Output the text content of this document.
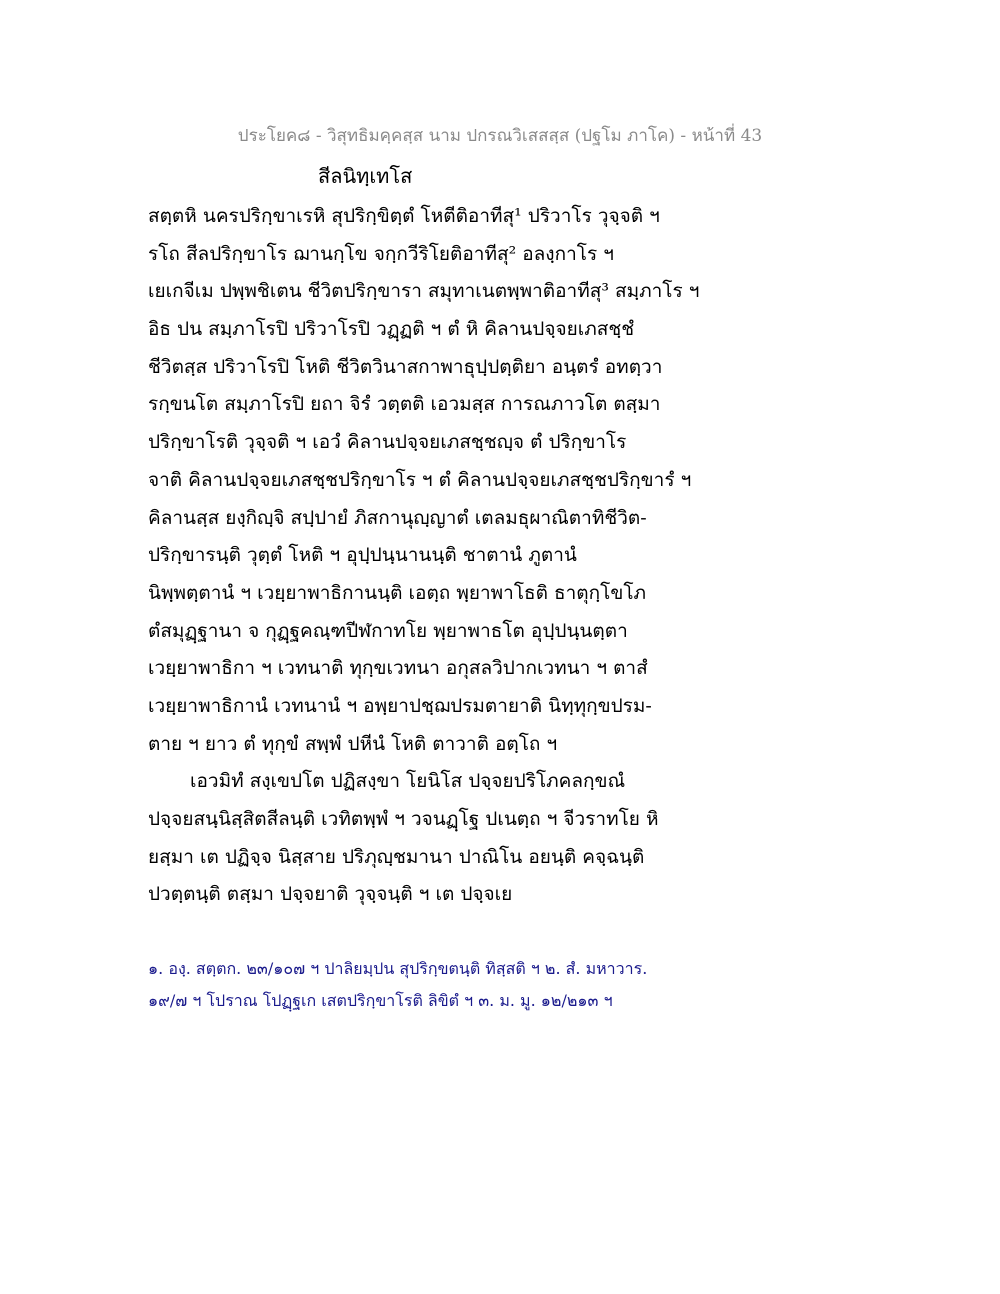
ประโยค๘ - วิสุทธิมคฺคสฺส นาม ปกรณวิเสสสฺส (ปฐโม ภาโค) - หน้าที่ 43
สีลนิทฺเทโส
สตฺตหิ นครปริกฺขาเรหิ สุปริกฺขิตฺตํ โหตีติอาทีสุ¹ ปริวาโร วุจฺจติ ฯ
รโถ สีลปริกฺขาโร ฌานกฺโข จกฺกวีริโยติอาทีสุ² อลงฺกาโร ฯ
เยเกจีเม ปพฺพชิเตน ชีวิตปริกฺขารา สมุทาเนตพฺพาติอาทีสุ³ สมฺภาโร ฯ
อิธ ปน สมฺภาโรปิ ปริวาโรปิ วฏฺฏติ ฯ ตํ หิ คิลานปจฺจยเภสชฺชํ
ชีวิตสฺส ปริวาโรปิ โหติ ชีวิตวินาสกาพาธุปฺปตฺติยา อนฺตรํ อทตฺวา
รกฺขนโต สมฺภาโรปิ ยถา จิรํ วตฺตติ เอวมสฺส การณภาวโต ตสฺมา
ปริกฺขาโรติ วุจฺจติ ฯ เอวํ คิลานปจฺจยเภสชฺชญฺจ ตํ ปริกฺขาโร
จาติ คิลานปจฺจยเภสชฺชปริกฺขาโร ฯ ตํ คิลานปจฺจยเภสชฺชปริกฺขารํ ฯ
คิลานสฺส ยงฺกิญฺจิ สปฺปายํ ภิสกานุญฺญาตํ เตลมธุผาณิตาทิชีวิต-
ปริกฺขารนฺติ วุตฺตํ โหติ ฯ อุปฺปนฺนานนฺติ ชาตานํ ภูตานํ
นิพฺพตฺตานํ ฯ เวยฺยาพาธิกานนฺติ เอตฺถ พฺยาพาโธติ ธาตุกฺโขโภ
ตํสมุฏฺฐานา จ กุฏฺฐคณฺฑปีฬกาทโย พฺยาพาธโต อุปฺปนฺนตฺตา
เวยฺยาพาธิกา ฯ เวทนาติ ทุกฺขเวทนา อกุสลวิปากเวทนา ฯ ตาสํ
เวยฺยาพาธิกานํ เวทนานํ ฯ อพฺยาปชฺฌปรมตายาติ นิทฺทุกฺขปรม-
ตาย ฯ ยาว ตํ ทุกฺขํ สพฺพํ ปหีนํ โหติ ตาวาติ อตฺโถ ฯ
เอวมิทํ สงฺเขปโต ปฏิสงฺขา โยนิโส ปจฺจยปริโภคลกฺขณํ
ปจฺจยสนฺนิสฺสิตสีลนฺติ เวทิตพฺพํ ฯ วจนฏฺโฐ ปเนตฺถ ฯ จีวราทโย หิ
ยสฺมา เต ปฏิจฺจ นิสฺสาย ปริภุญฺชมานา ปาณิโน อยนฺติ คจฺฉนฺติ
ปวตฺตนฺติ ตสฺมา ปจฺจยาติ วุจฺจนฺติ ฯ เต ปจฺจเย
๑. องฺ. สตฺตก. ๒๓/๑๐๗ ฯ ปาลิยมฺปน สุปริกฺขตนฺติ ทิสฺสติ ฯ ๒. สํ. มหาวาร.
๑๙/๗ ฯ โปราณ โปฏฺฐเก เสตปริกฺขาโรติ ลิขิตํ ฯ ๓. ม. มู. ๑๒/๒๑๓ ฯ
